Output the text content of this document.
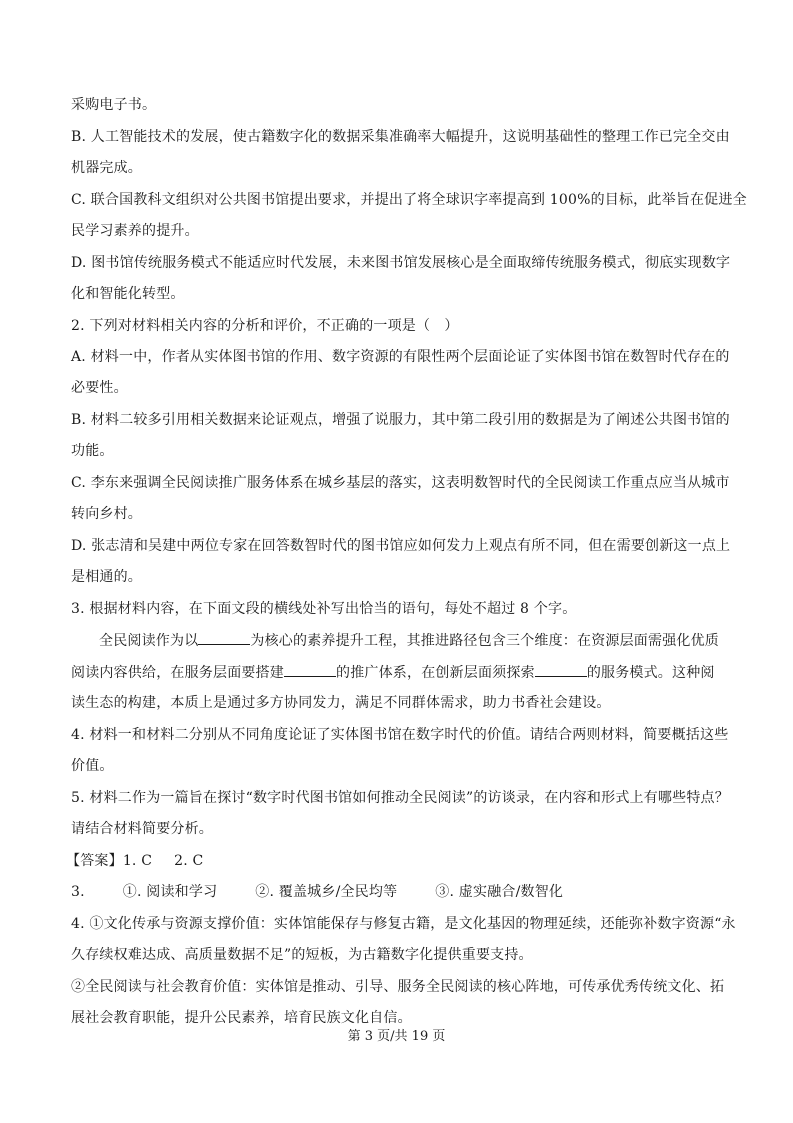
采购电子书。
B. 人工智能技术的发展，使古籍数字化的数据采集准确率大幅提升，这说明基础性的整理工作已完全交由
机器完成。
C. 联合国教科文组织对公共图书馆提出要求，并提出了将全球识字率提高到 100%的目标，此举旨在促进全
民学习素养的提升。
D. 图书馆传统服务模式不能适应时代发展，未来图书馆发展核心是全面取缔传统服务模式，彻底实现数字
化和智能化转型。
2. 下列对材料相关内容的分析和评价，不正确的一项是（　）
A. 材料一中，作者从实体图书馆的作用、数字资源的有限性两个层面论证了实体图书馆在数智时代存在的
必要性。
B. 材料二较多引用相关数据来论证观点，增强了说服力，其中第二段引用的数据是为了阐述公共图书馆的
功能。
C. 李东来强调全民阅读推广服务体系在城乡基层的落实，这表明数智时代的全民阅读工作重点应当从城市
转向乡村。
D. 张志清和吴建中两位专家在回答数智时代的图书馆应如何发力上观点有所不同，但在需要创新这一点上
是相通的。
3. 根据材料内容，在下面文段的横线处补写出恰当的语句，每处不超过 8 个字。
全民阅读作为以	为核心的素养提升工程，其推进路径包含三个维度：在资源层面需强化优质
阅读内容供给，在服务层面要搭建	的推广体系，在创新层面须探索	的服务模式。这种阅
读生态的构建，本质上是通过多方协同发力，满足不同群体需求，助力书香社会建设。
4. 材料一和材料二分别从不同角度论证了实体图书馆在数字时代的价值。请结合两则材料，简要概括这些
价值。
5. 材料二作为一篇旨在探讨“数字时代图书馆如何推动全民阅读”的访谈录，在内容和形式上有哪些特点？
请结合材料简要分析。
【答案】1. C 2. C
3.	①. 阅读和学习	②. 覆盖城乡/全民均等	③. 虚实融合/数智化
4. ①文化传承与资源支撑价值：实体馆能保存与修复古籍，是文化基因的物理延续，还能弥补数字资源“永
久存续权难达成、高质量数据不足”的短板，为古籍数字化提供重要支持。
②全民阅读与社会教育价值：实体馆是推动、引导、服务全民阅读的核心阵地，可传承优秀传统文化、拓
展社会教育职能，提升公民素养，培育民族文化自信。
第 3 页/共 19 页
